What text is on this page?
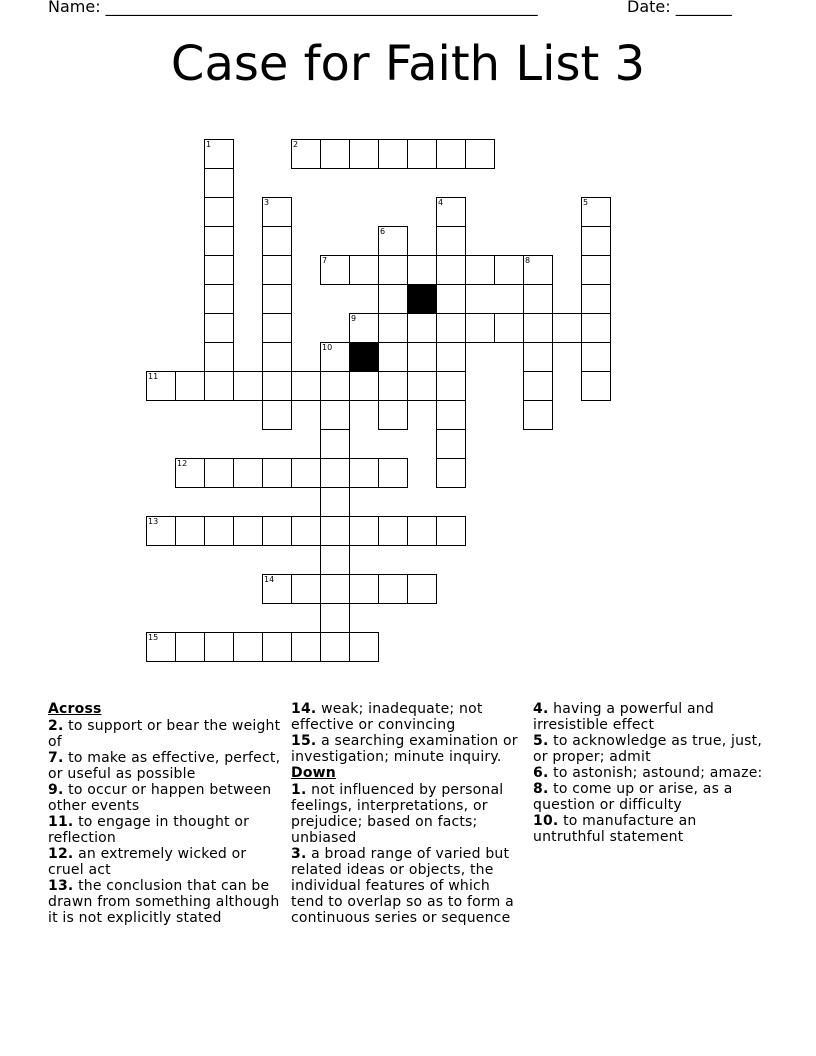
Name: ______________________________________________________	Date: _______
Case for Faith List 3
2
7	8
9
11
12
13
14
15
1
3	4	5
6
10
Across
2. to support or bear the weight of
7. to make as effective, perfect, or useful as possible
9. to occur or happen between other events
11. to engage in thought or reflection
12. an extremely wicked or cruel act
13. the conclusion that can be drawn from something although it is not explicitly stated
14. weak; inadequate; not effective or convincing
15. a searching examination or investigation; minute inquiry.
Down
1. not influenced by personal feelings, interpretations, or prejudice; based on facts; unbiased
3. a broad range of varied but related ideas or objects, the individual features of which tend to overlap so as to form a continuous series or sequence
4. having a powerful and irresistible effect
5. to acknowledge as true, just, or proper; admit
6. to astonish; astound; amaze:
8. to come up or arise, as a question or difficulty
10. to manufacture an untruthful statement
